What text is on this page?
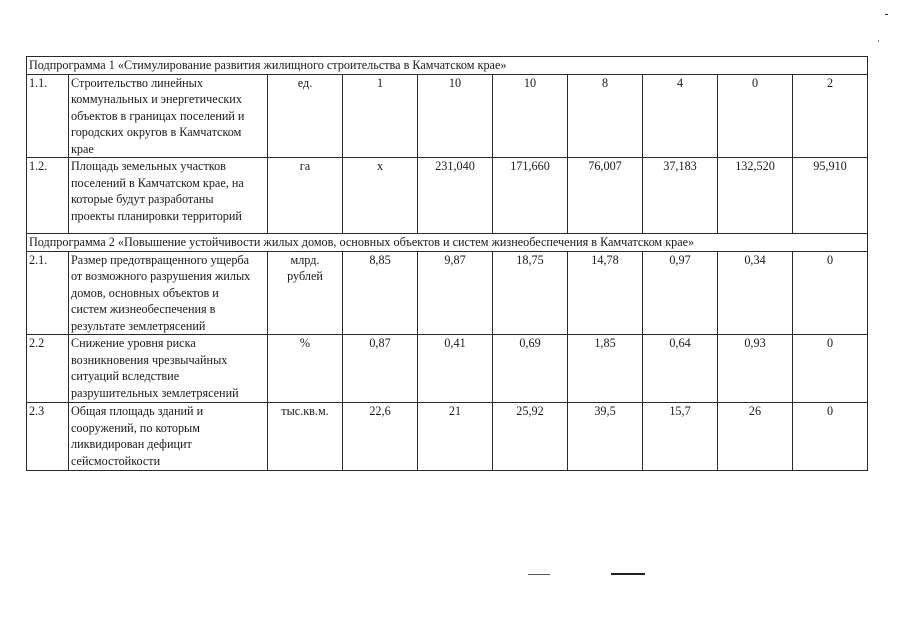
Подпрограмма 1 «Стимулирование развития жилищного строительства в Камчатском крае»									
1.1.	Строительство линейных
коммунальных и энергетических
объектов в границах поселений и
городских округов в Камчатском
крае	ед.	1	10	10	8	4	0	2
1.2.	Площадь земельных участков
поселений в Камчатском крае, на
которые будут разработаны
проекты планировки территорий	га	х	231,040	171,660	76,007	37,183	132,520	95,910
Подпрограмма 2 «Повышение устойчивости жилых домов, основных объектов и систем жизнеобеспечения в Камчатском крае»									
2.1.	Размер предотвращенного ущерба
от возможного разрушения жилых
домов, основных объектов и
систем жизнеобеспечения в
результате землетрясений	млрд.
рублей	8,85	9,87	18,75	14,78	0,97	0,34	0
2.2	Снижение уровня риска
возникновения чрезвычайных
ситуаций вследствие
разрушительных землетрясений	%	0,87	0,41	0,69	1,85	0,64	0,93	0
2.3	Общая площадь зданий и
сооружений, по которым
ликвидирован дефицит
сейсмостойкости	тыс.кв.м.	22,6	21	25,92	39,5	15,7	26	0
